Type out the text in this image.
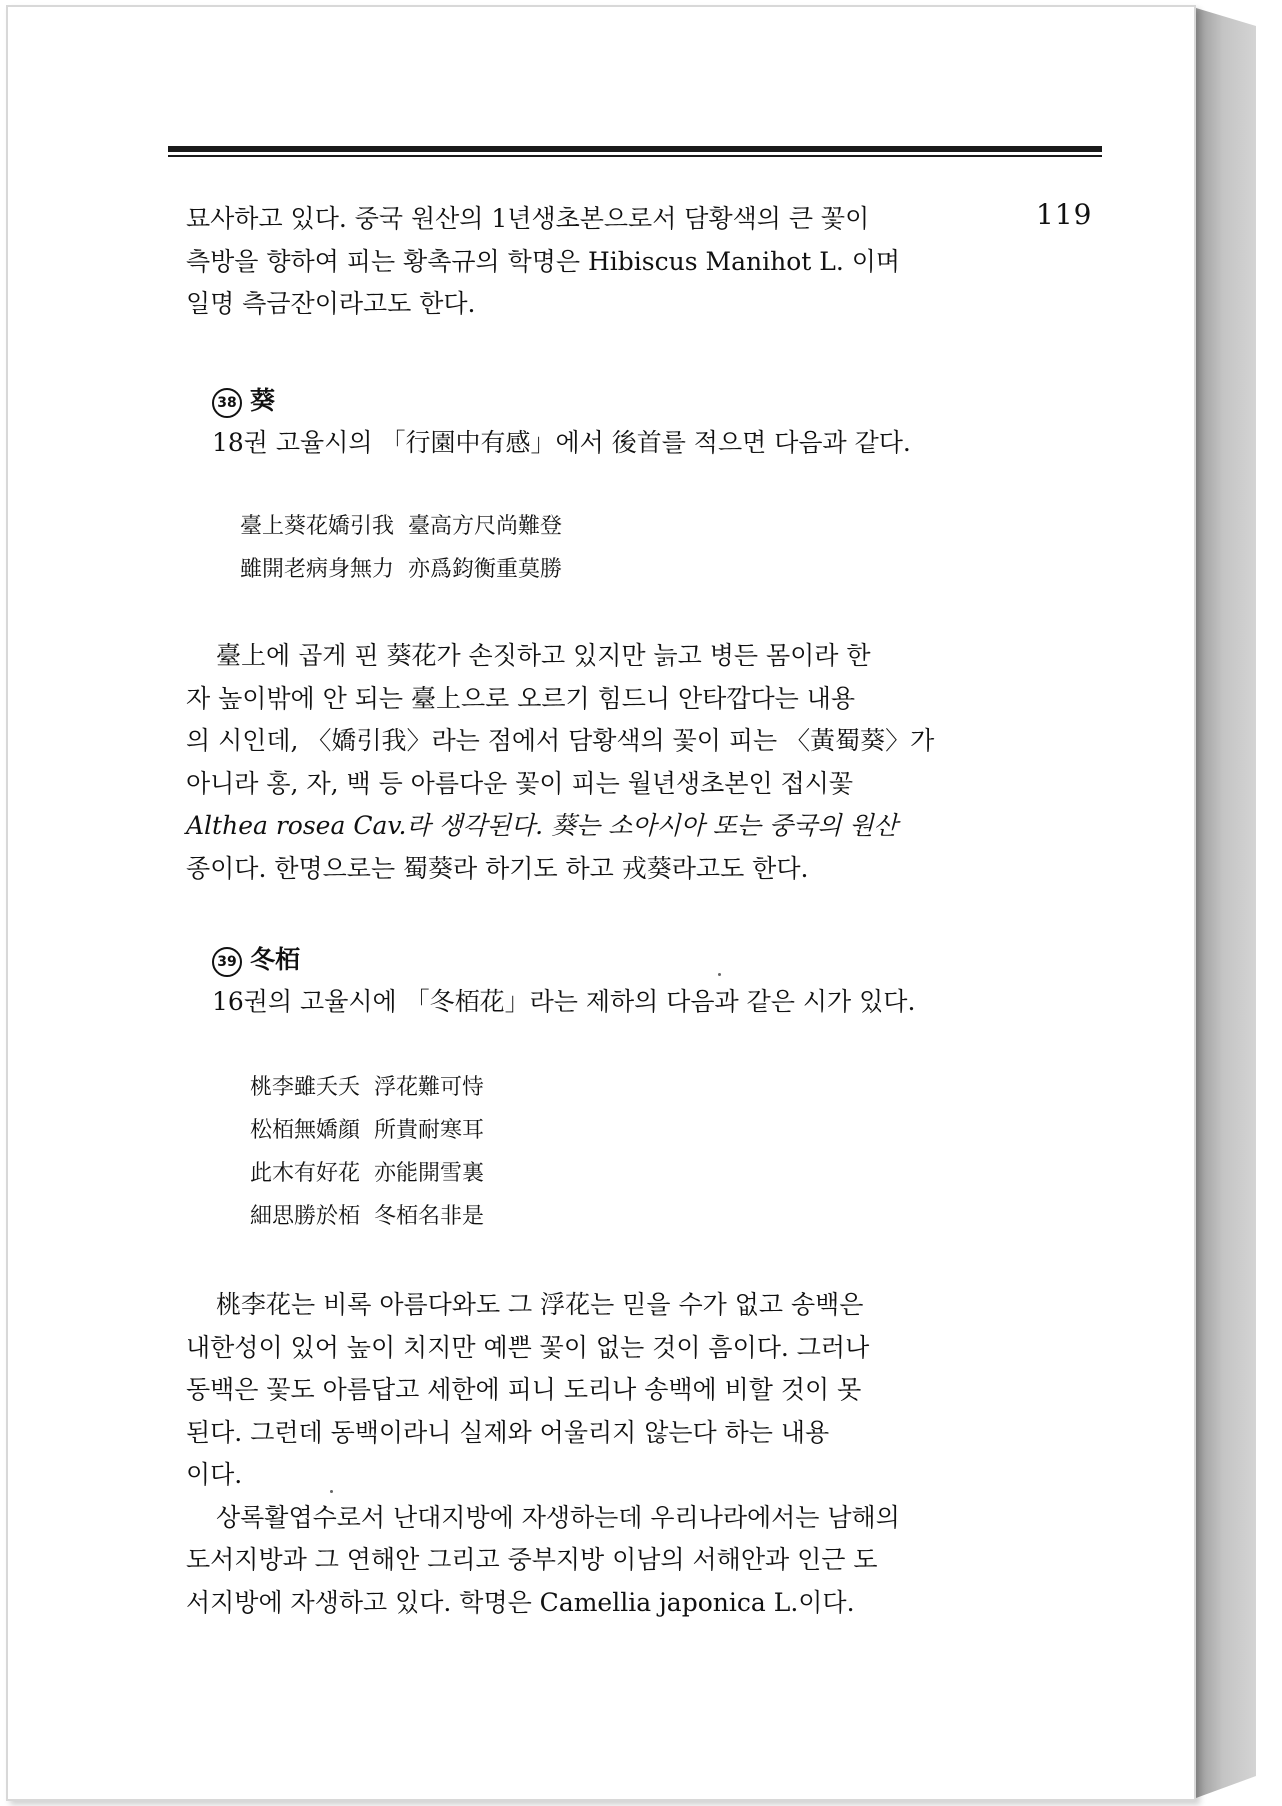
119

묘사하고 있다. 중국 원산의 1년생초본으로서 담황색의 큰 꽃이

측방을 향하여 피는 황촉규의 학명은 Hibiscus Manihot L. 이며

일명 측금잔이라고도 한다.

38 葵

18권 고율시의 「行園中有感」에서 後首를 적으면 다음과 같다.

臺上葵花嬌引我  臺高方尺尚難登
雖開老病身無力  亦爲鈞衡重莫勝

臺上에 곱게 핀 葵花가 손짓하고 있지만 늙고 병든 몸이라 한

자 높이밖에 안 되는 臺上으로 오르기 힘드니 안타깝다는 내용

의 시인데, 〈嬌引我〉라는 점에서 담황색의 꽃이 피는 〈黃蜀葵〉가

아니라 홍, 자, 백 등 아름다운 꽃이 피는 월년생초본인 접시꽃

Althea rosea Cav.라 생각된다. 葵는 소아시아 또는 중국의 원산

종이다. 한명으로는 蜀葵라 하기도 하고 戎葵라고도 한다.

39 冬栢

16권의 고율시에 「冬栢花」라는 제하의 다음과 같은 시가 있다.

桃李雖夭夭  浮花難可恃
松栢無嬌顔  所貴耐寒耳
此木有好花  亦能開雪裏
細思勝於栢  冬栢名非是

桃李花는 비록 아름다와도 그 浮花는 믿을 수가 없고 송백은

내한성이 있어 높이 치지만 예쁜 꽃이 없는 것이 흠이다. 그러나

동백은 꽃도 아름답고 세한에 피니 도리나 송백에 비할 것이 못

된다. 그런데 동백이라니 실제와 어울리지 않는다 하는 내용

이다.

상록활엽수로서 난대지방에 자생하는데 우리나라에서는 남해의

도서지방과 그 연해안 그리고 중부지방 이남의 서해안과 인근 도

서지방에 자생하고 있다. 학명은 Camellia japonica L.이다.
